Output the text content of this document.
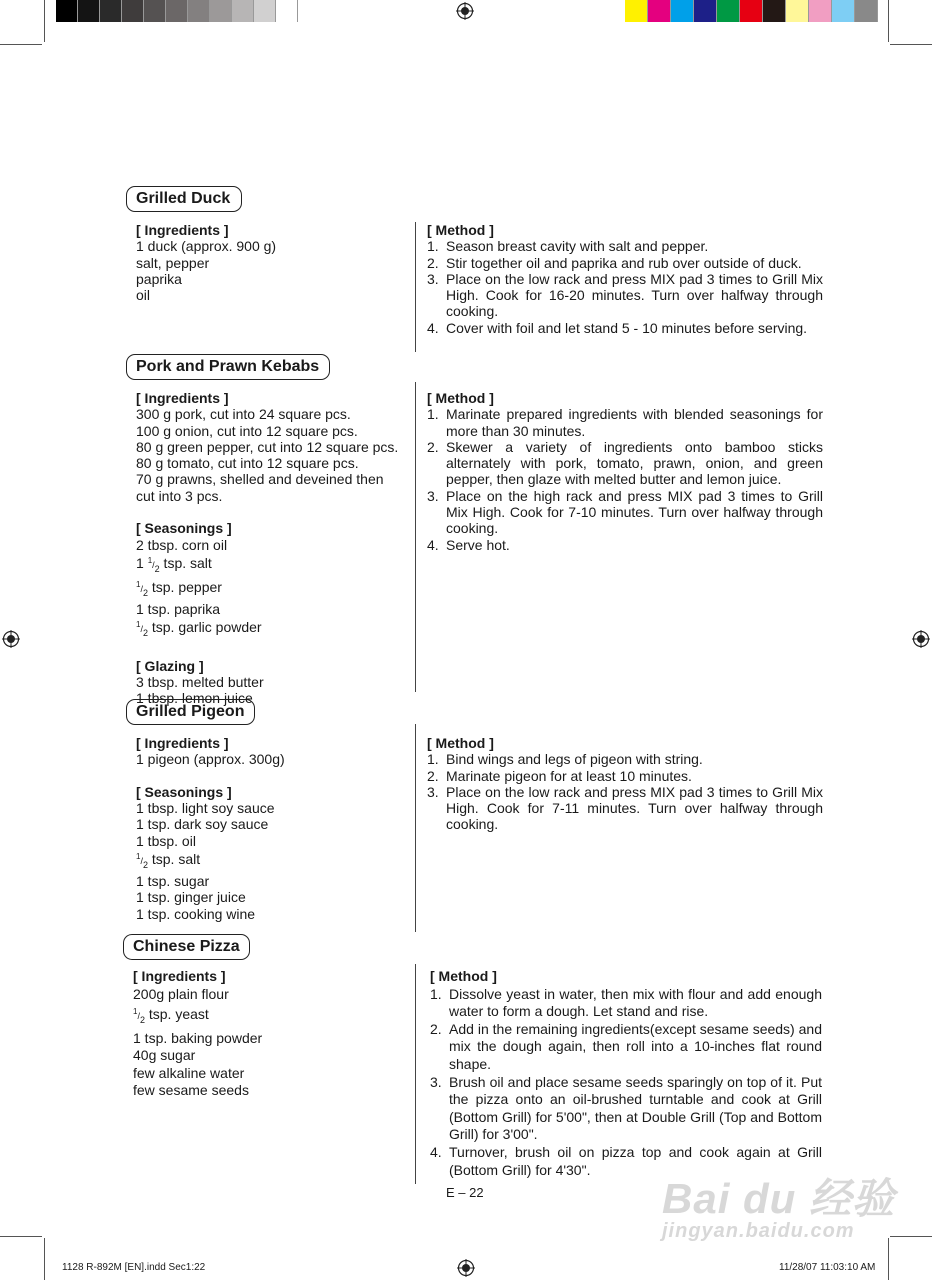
Grilled Duck
[ Ingredients ]
1 duck (approx. 900 g)
salt, pepper
paprika
oil
[ Method ]
1. Season breast cavity with salt and pepper.
2. Stir together oil and paprika and rub over outside of duck.
3. Place on the low rack and press MIX pad 3 times to Grill Mix High. Cook for 16-20 minutes. Turn over halfway through cooking.
4. Cover with foil and let stand 5 - 10 minutes before serving.
Pork and Prawn Kebabs
[ Ingredients ]
300 g pork, cut into 24 square pcs.
100 g onion, cut into 12 square pcs.
80 g green pepper, cut into 12 square pcs.
80 g tomato, cut into 12 square pcs.
70 g prawns, shelled and deveined then
cut into 3 pcs.
[ Seasonings ]
2 tbsp. corn oil
1 $^1/_2$ tsp. salt
$^1/_2$ tsp. pepper
1 tsp. paprika
$^1/_2$ tsp. garlic powder
[ Glazing ]
3 tbsp. melted butter
1 tbsp. lemon juice
[ Method ]
1. Marinate prepared ingredients with blended seasonings for more than 30 minutes.
2. Skewer a variety of ingredients onto bamboo sticks alternately with pork, tomato, prawn, onion, and green pepper, then glaze with melted butter and lemon juice.
3. Place on the high rack and press MIX pad 3 times to Grill Mix High. Cook for 7-10 minutes. Turn over halfway through cooking.
4. Serve hot.
Grilled Pigeon
[ Ingredients ]
1 pigeon (approx. 300g)
[ Seasonings ]
1 tbsp. light soy sauce
1 tsp. dark soy sauce
1 tbsp. oil
$^1/_2$ tsp. salt
1 tsp. sugar
1 tsp. ginger juice
1 tsp. cooking wine
[ Method ]
1. Bind wings and legs of pigeon with string.
2. Marinate pigeon for at least 10 minutes.
3. Place on the low rack and press MIX pad 3 times to Grill Mix High. Cook for 7-11 minutes. Turn over halfway through cooking.
Chinese Pizza
[ Ingredients ]
200g plain flour
$^1/_2$ tsp. yeast
1 tsp. baking powder
40g sugar
few alkaline water
few sesame seeds
[ Method ]
1. Dissolve yeast in water, then mix with flour and add enough water to form a dough. Let stand and rise.
2. Add in the remaining ingredients(except sesame seeds) and mix the dough again, then roll into a 10-inches flat round shape.
3. Brush oil and place sesame seeds sparingly on top of it. Put the pizza onto an oil-brushed turntable and cook at Grill (Bottom Grill) for 5'00", then at Double Grill (Top and Bottom Grill) for 3'00".
4. Turnover, brush oil on pizza top and cook again at Grill (Bottom Grill) for 4'30".
E – 22	Bai du 经验
jingyan.baidu.com
1128 R-892M [EN].indd Sec1:22	11/28/07 11:03:10 AM
